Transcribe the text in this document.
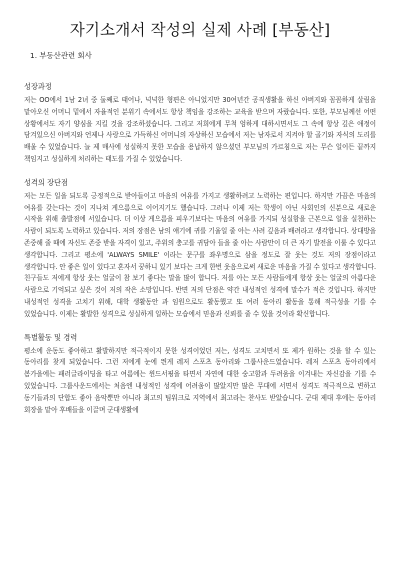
자기소개서 작성의 실제 사례 [부동산]
1. 부동산관련 회사
성장과정

저는 OO에서 1남 2녀 중 둘째로 태어나, 넉넉한 형편은 아니었지만 30여년간 공직생활을 하신 아버지와 꼼꼼하게 살림을 맡아오신 어머니 밑에서 자율적인 분위기 속에서도 항상 책임을 강조하는 교육을 받으며 자랐습니다. 또한, 부모님께선 어떤 상황에서도 자기 양심을 지킬 것을 강조하셨습니다. 그리고 저희에게 무척 엄하게 대하시면서도 그 속에 항상 깊은 애정이 담겨있으신 아버지와 언제나 사랑으로 가득하신 어머니의 자상하신 모습에서 저는 남자로서 지켜야 할 골기와 자식의 도리를 배울 수 있었습니다. 늘 제 매사에 성실하지 못한 모습을 용납하지 않으셨던 부모님의 가르침으로 저는 무슨 일이든 끝까지 책임지고 성실하게 처리하는 태도를 가질 수 있었습니다.

성격의 장단점

저는 모든 일을 되도록 긍정적으로 받아들이고 마음의 여유를 가지고 생활하려고 노력하는 편입니다. 하지만 가끔은 마음의 여유를 갖는다는 것이 지나쳐 게으름으로 이어지기도 했습니다. 그러나 이제 저는 학생이 아닌 사회인의 신분으로 새로운 시작을 위해 출발점에 서있습니다. 더 이상 게으름을 피우기보다는 마음의 여유를 가지되 성실함을 근본으로 일을 실천하는 사람이 되도록 노력하고 있습니다. 저의 장점은 남의 얘기에 귀를 기울일 줄 아는 사려 깊음과 배려라고 생각합니다. 상대방을 존중해 줄 때에 자신도 존중 받을 자격이 있고, 주위의 충고를 귀담아 들을 줄 아는 사람만이 더 큰 자기 발전을 이룰 수 있다고 생각합니다. 그리고 평소에 'ALWAYS SMILE' 이라는 문구를 좌우명으로 삼을 정도로 잘 웃는 것도 저의 장점이라고 생각합니다. 안 좋은 일이 있다고 혼자서 꿍하니 있기 보다는 크게 한번 웃음으로써 새로운 마음을 가질 수 있다고 생각합니다. 친구들도 저에게 항상 웃는 얼굴이 참 보기 좋다는 말을 많이 합니다. 저를 아는 모든 사람들에게 항상 웃는 얼굴의 아름다운 사람으로 기억되고 싶은 것이 저의 작은 소망입니다. 반면 저의 단점은 약간 내성적인 성격에 말수가 적은 것입니다. 하지만 내성적인 성격을 고치기 위해, 대학 생활동안 과 임원으로도 활동했고 또 여러 동아리 활동을 통해 적극성을 기를 수 있었습니다. 이제는 활발한 성격으로 성실하게 일하는 모습에서 믿음과 신뢰를 줄 수 있을 것이라 확신합니다.

특별활동 및 경력

평소에 운동도 좋아하고 활발하지만 적극적이지 못한 성격이었던 저는, 성격도 고치면서 또 제가 원하는 것을 할 수 있는 동아리를 찾게 되었습니다. 그런 저에게 눈에 띈게 레저 스포츠 동아리와 그룹사운드였습니다. 레저 스포츠 동아리에서 봄가을에는 패러글라이딩을 타고 여름에는 윈드서핑을 타면서 자연에 대한 숭고함과 두려움을 이겨내는 자신감을 기를 수 있었습니다. 그룹사운드에서는 처음엔 내성적인 성격에 어려움이 많았지만 많은 무대에 서면서 성격도 적극적으로 변하고 동기들과의 단합도 좋아 음악뿐만 아니라 최고의 팀워크로 지역에서 최고라는 찬사도 받았습니다. 군대 제대 후에는 동아리 회장을 맡아 후배들을 이끌며 군대생활에
